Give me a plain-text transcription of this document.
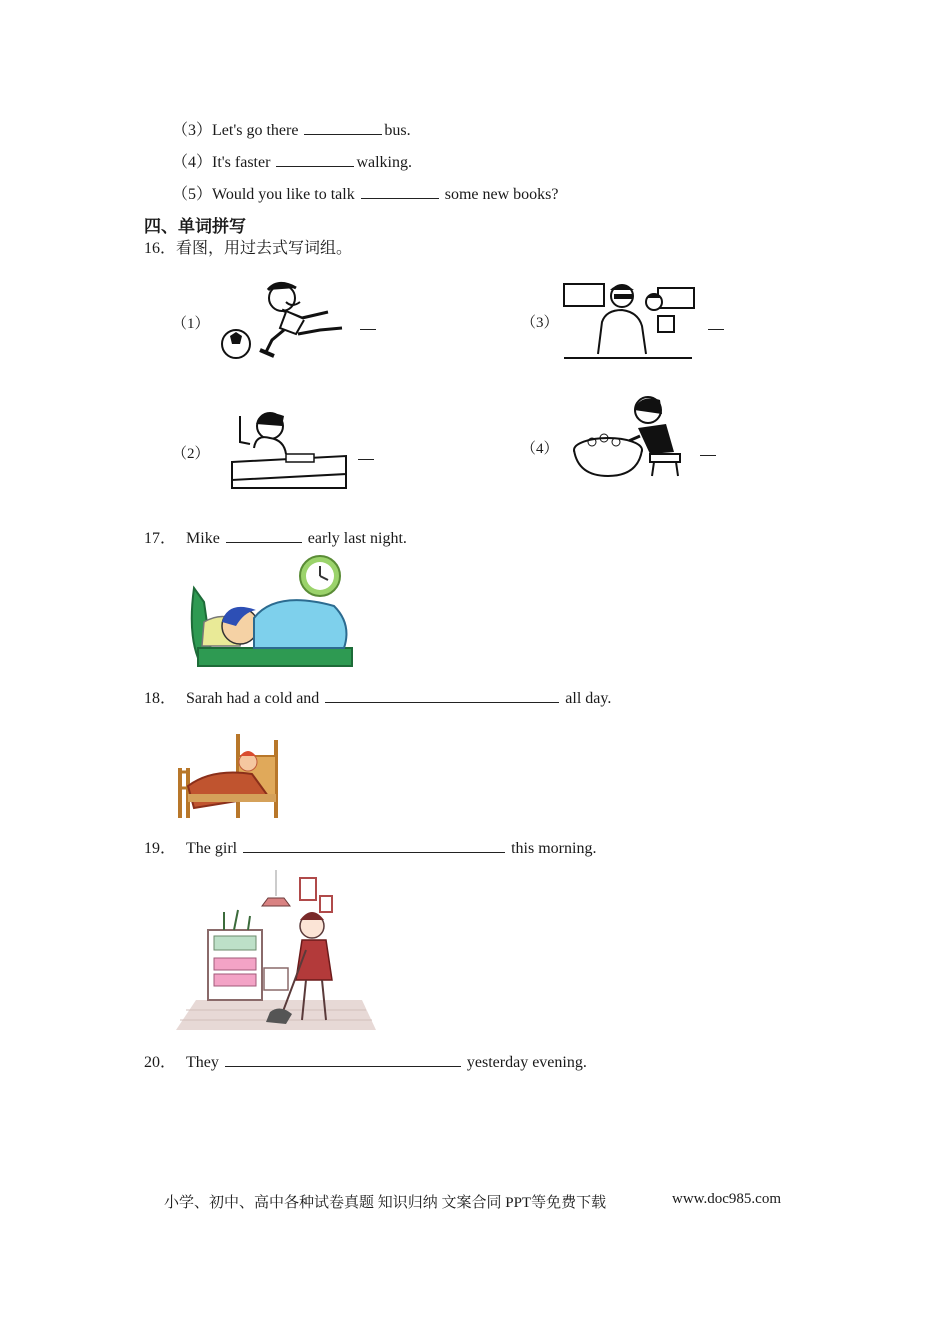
（3）Let's go there	bus.
（4）It's faster	walking.
（5）Would you like to talk	some new books?
四、单词拼写
16．看图，用过去式写词组。
（1）	（3）
（2）	（4）
17． Mike	early last night.
18． Sarah had a cold and	all day.
19． The girl	this morning.
20． They	yesterday evening.
小学、初中、高中各种试卷真题 知识归纳 文案合同 PPT等免费下载	www.doc985.com
